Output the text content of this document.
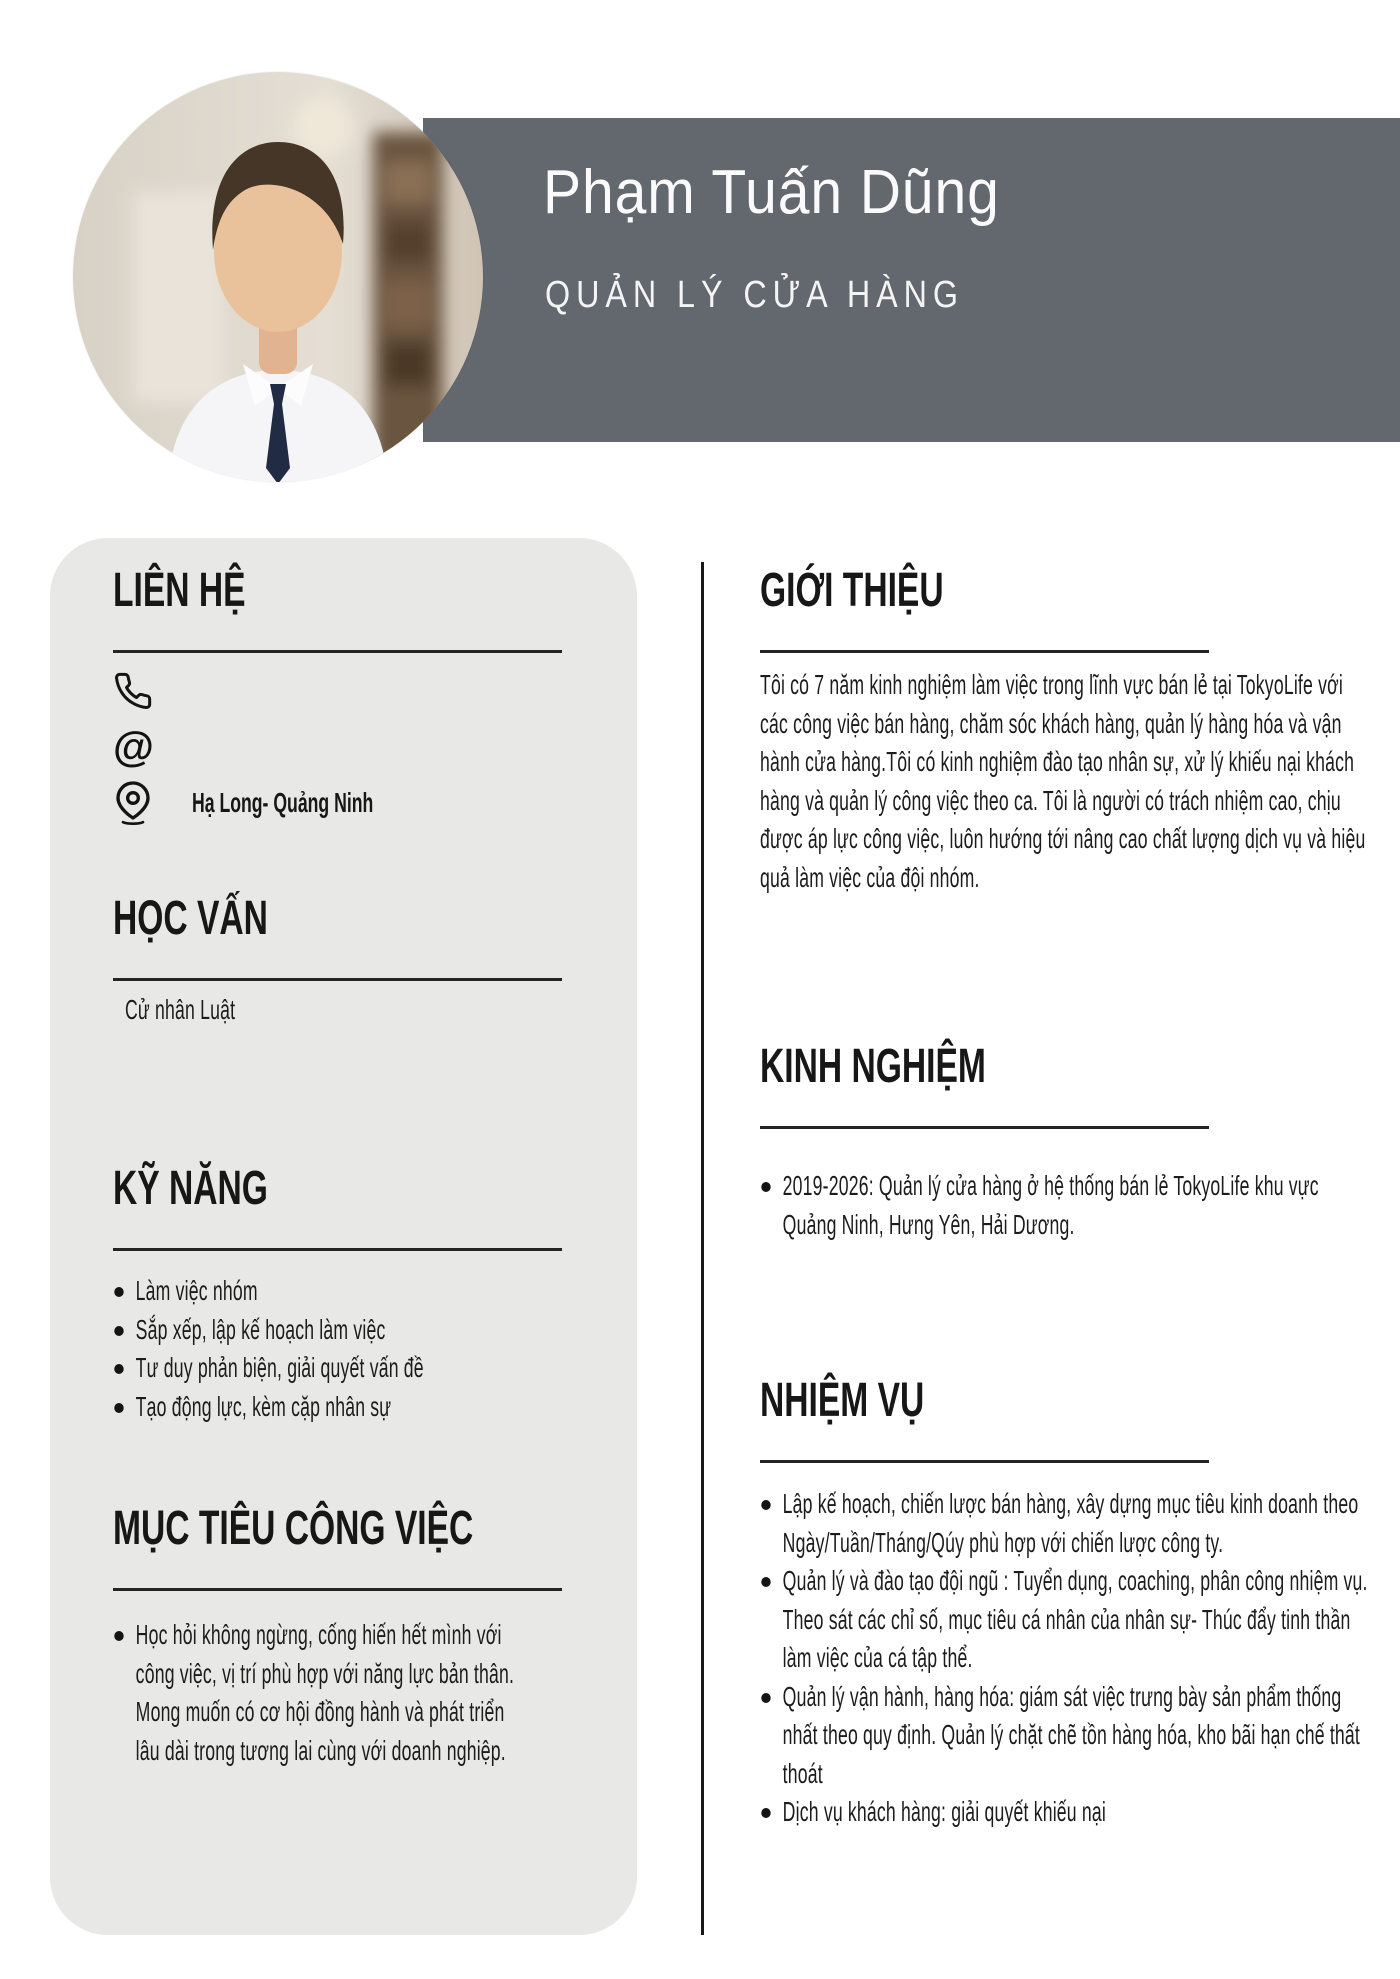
Phạm Tuấn Dũng
QUẢN LÝ CỬA HÀNG
LIÊN HỆ
@
Hạ Long- Quảng Ninh
HỌC VẤN
Cử nhân Luật
KỸ NĂNG
Làm việc nhóm
Sắp xếp, lập kế hoạch làm việc
Tư duy phản biện, giải quyết vấn đề
Tạo động lực, kèm cặp nhân sự
MỤC TIÊU CÔNG VIỆC
Học hỏi không ngừng, cống hiến hết mình với công việc, vị trí phù hợp với năng lực bản thân. Mong muốn có cơ hội đồng hành và phát triển lâu dài trong tương lai cùng với doanh nghiệp.
GIỚI THIỆU
Tôi có 7 năm kinh nghiệm làm việc trong lĩnh vực bán lẻ tại TokyoLife với các công việc bán hàng, chăm sóc khách hàng, quản lý hàng hóa và vận hành cửa hàng.Tôi có kinh nghiệm đào tạo nhân sự, xử lý khiếu nại khách hàng và quản lý công việc theo ca. Tôi là người có trách nhiệm cao, chịu được áp lực công việc, luôn hướng tới nâng cao chất lượng dịch vụ và hiệu quả làm việc của đội nhóm.
KINH NGHIỆM
2019-2026: Quản lý cửa hàng ở hệ thống bán lẻ TokyoLife khu vực Quảng Ninh, Hưng Yên, Hải Dương.
NHIỆM VỤ
Lập kế hoạch, chiến lược bán hàng, xây dựng mục tiêu kinh doanh theo Ngày/Tuần/Tháng/Qúy phù hợp với chiến lược công ty.
Quản lý và đào tạo đội ngũ : Tuyển dụng, coaching, phân công nhiệm vụ. Theo sát các chỉ số, mục tiêu cá nhân của nhân sự- Thúc đẩy tinh thần làm việc của cá tập thể.
Quản lý vận hành, hàng hóa: giám sát việc trưng bày sản phẩm thống nhất theo quy định. Quản lý chặt chẽ tồn hàng hóa, kho bãi hạn chế thất thoát
Dịch vụ khách hàng: giải quyết khiếu nại
